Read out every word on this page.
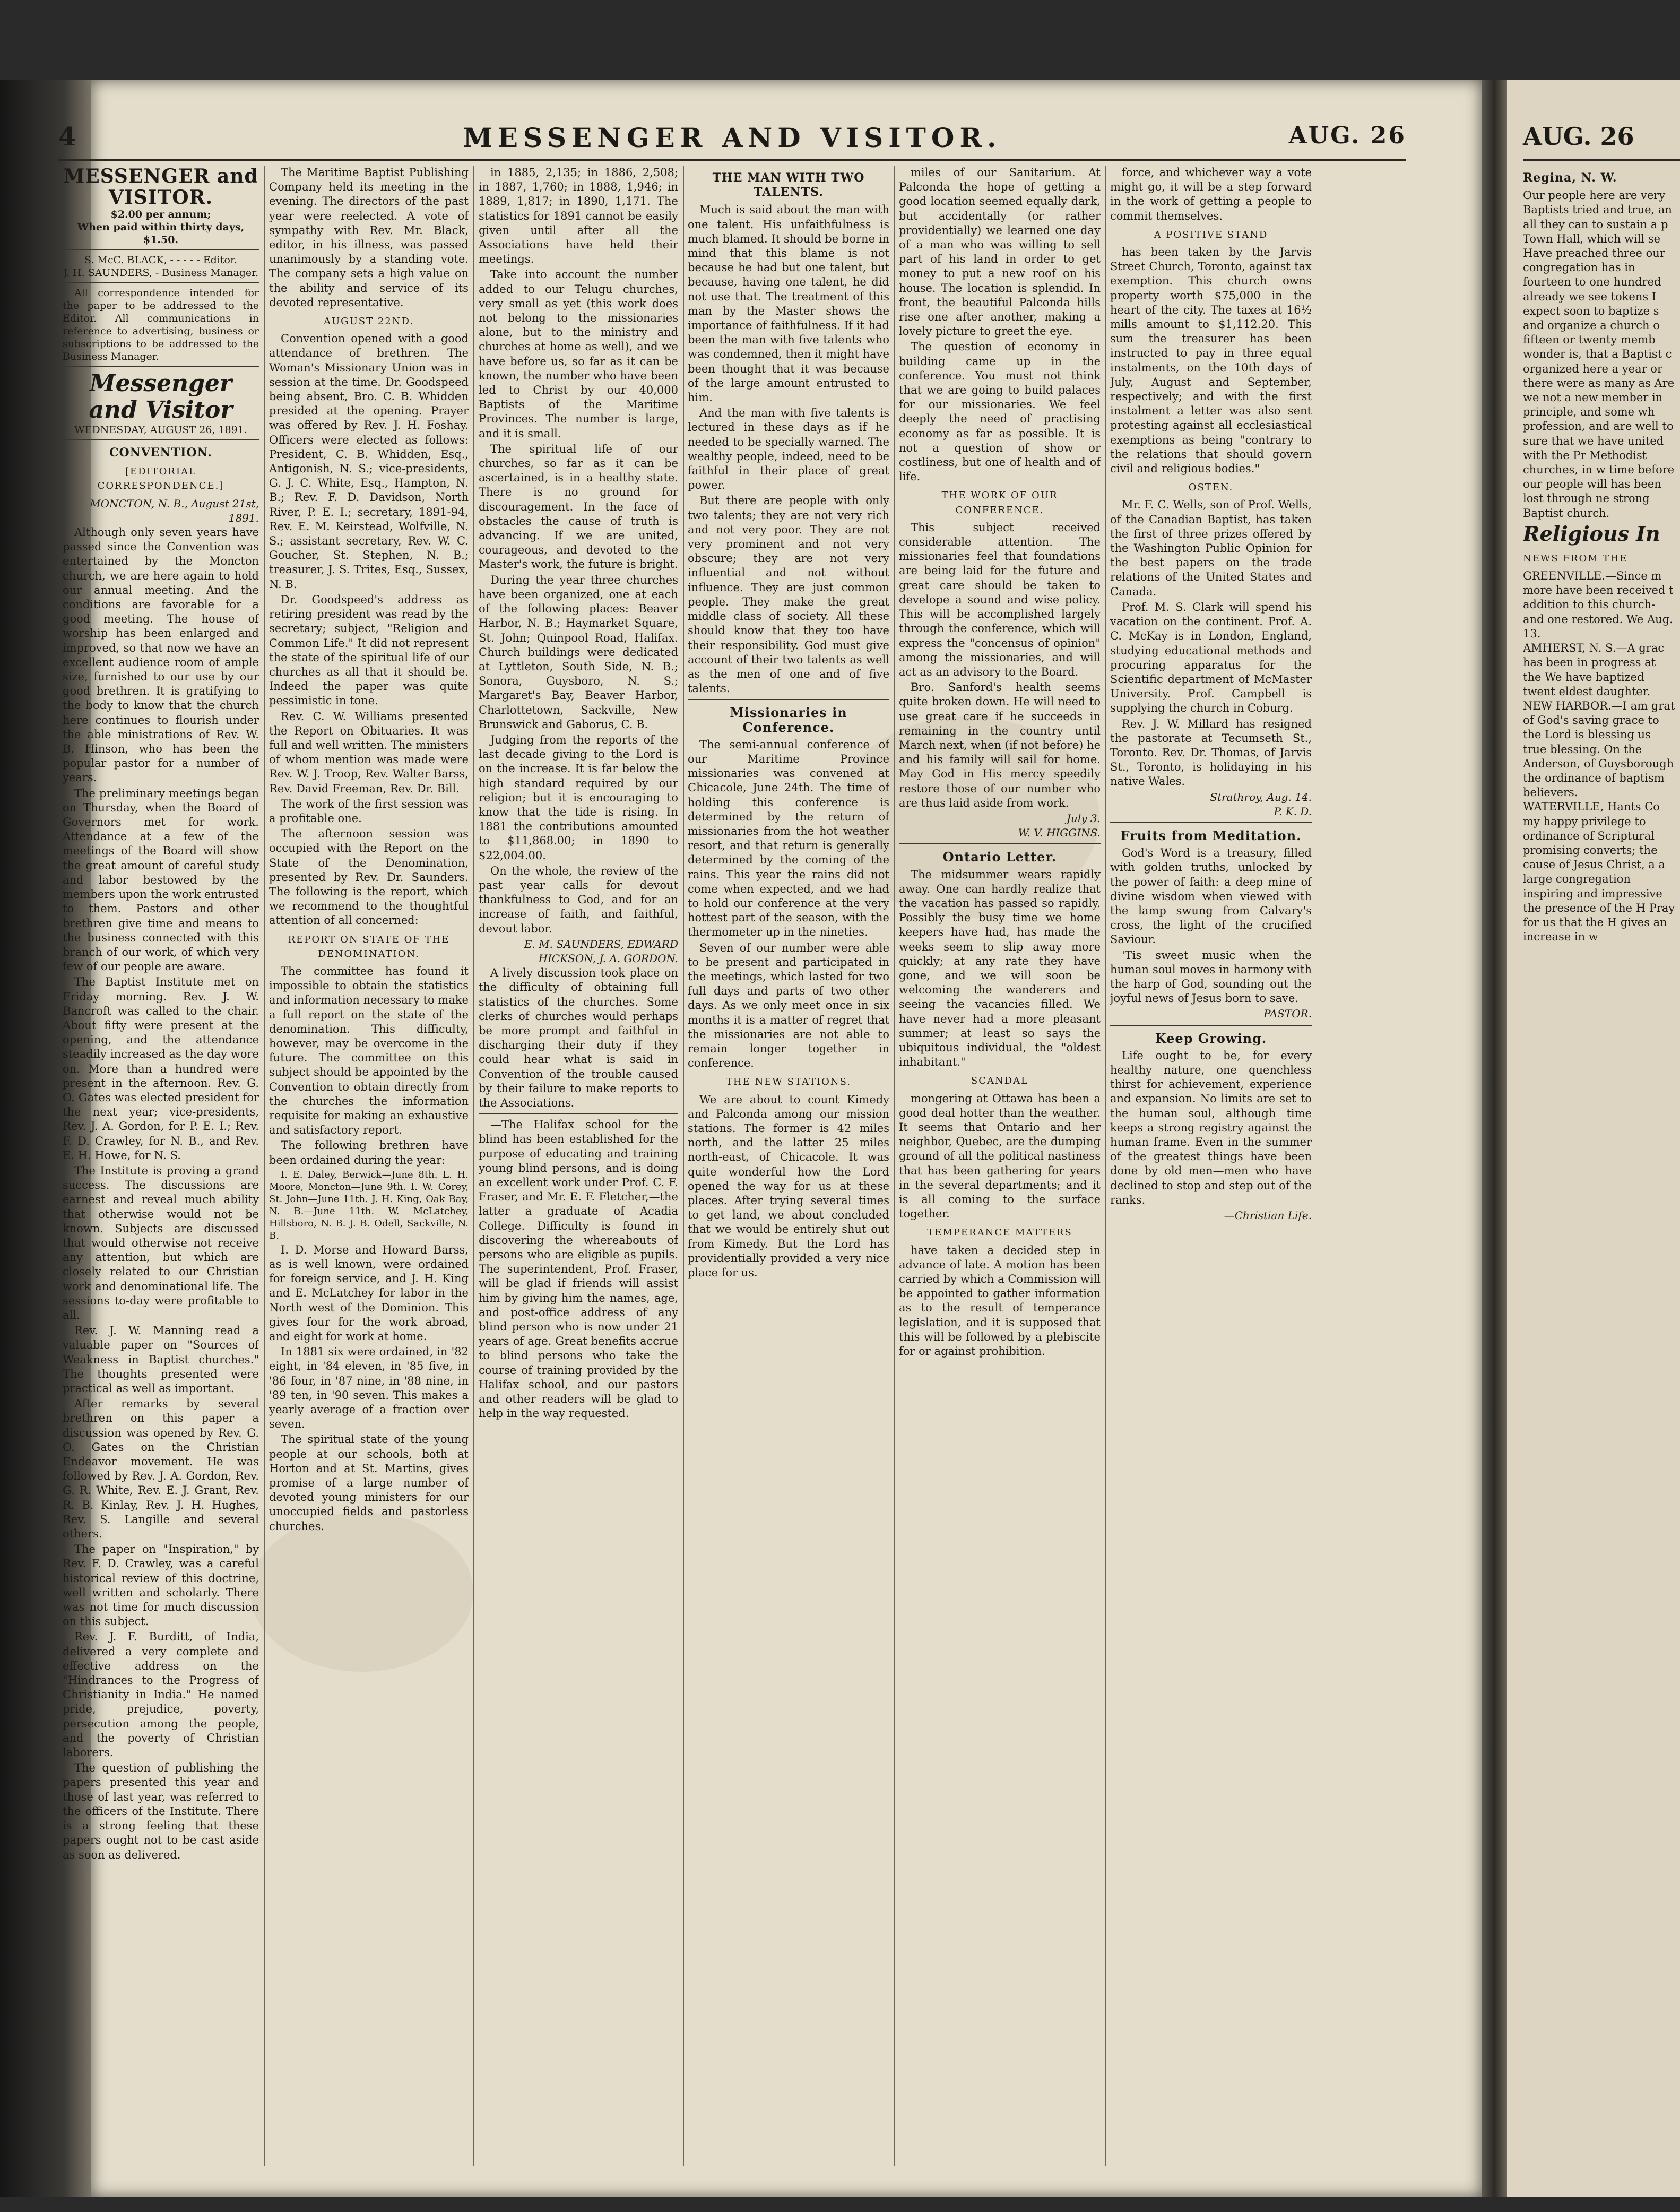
MESSENGER AND VISITOR.
4	AUG. 26
MESSENGER and VISITOR.
$2.00 per annum;
When paid within thirty days, $1.50.
S. McC. BLACK, - - - - - Editor.
J. H. SAUNDERS, - Business Manager.

All correspondence intended for the paper to be addressed to the Editor. All communications in reference to advertising, business or subscriptions to be addressed to the Business Manager.

Messenger and Visitor
WEDNESDAY, AUGUST 26, 1891.
CONVENTION.
[EDITORIAL CORRESPONDENCE.]
MONCTON, N. B., August 21st, 1891.

Although only seven years have passed since the Convention was entertained by the Moncton church, we are here again to hold our annual meeting. And the conditions are favorable for a good meeting. The house of worship has been enlarged and improved, so that now we have an excellent audience room of ample size, furnished to our use by our good brethren. It is gratifying to the body to know that the church here continues to flourish under the able ministrations of Rev. W. B. Hinson, who has been the popular pastor for a number of years.

The preliminary meetings began on Thursday, when the Board of Governors met for work. Attendance at a few of the meetings of the Board will show the great amount of careful study and labor bestowed by the members upon the work entrusted to them. Pastors and other brethren give time and means to the business connected with this branch of our work, of which very few of our people are aware.

The Baptist Institute met on Friday morning. Rev. J. W. Bancroft was called to the chair. About fifty were present at the opening, and the attendance steadily increased as the day wore on. More than a hundred were present in the afternoon. Rev. G. O. Gates was elected president for the next year; vice-presidents, Rev. J. A. Gordon, for P. E. I.; Rev. F. D. Crawley, for N. B., and Rev. E. H. Howe, for N. S.

The Institute is proving a grand success. The discussions are earnest and reveal much ability that otherwise would not be known. Subjects are discussed that would otherwise not receive any attention, but which are closely related to our Christian work and denominational life. The sessions to-day were profitable to all.

Rev. J. W. Manning read a valuable paper on "Sources of Weakness in Baptist churches." The thoughts presented were practical as well as important.

After remarks by several brethren on this paper a discussion was opened by Rev. G. O. Gates on the Christian Endeavor movement. He was followed by Rev. J. A. Gordon, Rev. G. R. White, Rev. E. J. Grant, Rev. R. B. Kinlay, Rev. J. H. Hughes, Rev. S. Langille and several others.

The paper on "Inspiration," by Rev. F. D. Crawley, was a careful historical review of this doctrine, well written and scholarly. There was not time for much discussion on this subject.

Rev. J. F. Burditt, of India, delivered a very complete and effective address on the "Hindrances to the Progress of Christianity in India." He named pride, prejudice, poverty, persecution among the people, and the poverty of Christian laborers.

The question of publishing the papers presented this year and those of last year, was referred to the officers of the Institute. There is a strong feeling that these papers ought not to be cast aside as soon as delivered.

The Maritime Baptist Publishing Company held its meeting in the evening. The directors of the past year were reelected. A vote of sympathy with Rev. Mr. Black, editor, in his illness, was passed unanimously by a standing vote. The company sets a high value on the ability and service of its devoted representative.

AUGUST 22ND.

Convention opened with a good attendance of brethren. The Woman's Missionary Union was in session at the time. Dr. Goodspeed being absent, Bro. C. B. Whidden presided at the opening. Prayer was offered by Rev. J. H. Foshay. Officers were elected as follows: President, C. B. Whidden, Esq., Antigonish, N. S.; vice-presidents, G. J. C. White, Esq., Hampton, N. B.; Rev. F. D. Davidson, North River, P. E. I.; secretary, 1891-94, Rev. E. M. Keirstead, Wolfville, N. S.; assistant secretary, Rev. W. C. Goucher, St. Stephen, N. B.; treasurer, J. S. Trites, Esq., Sussex, N. B.

Dr. Goodspeed's address as retiring president was read by the secretary; subject, "Religion and Common Life." It did not represent the state of the spiritual life of our churches as all that it should be. Indeed the paper was quite pessimistic in tone.

Rev. C. W. Williams presented the Report on Obituaries. It was full and well written. The ministers of whom mention was made were Rev. W. J. Troop, Rev. Walter Barss, Rev. David Freeman, Rev. Dr. Bill.

The work of the first session was a profitable one.

The afternoon session was occupied with the Report on the State of the Denomination, presented by Rev. Dr. Saunders. The following is the report, which we recommend to the thoughtful attention of all concerned:

REPORT ON STATE OF THE DENOMINATION.

The committee has found it impossible to obtain the statistics and information necessary to make a full report on the state of the denomination. This difficulty, however, may be overcome in the future. The committee on this subject should be appointed by the Convention to obtain directly from the churches the information requisite for making an exhaustive and satisfactory report.

The following brethren have been ordained during the year:

I. E. Daley, Berwick—June 8th. L. H. Moore, Moncton—June 9th. I. W. Corey, St. John—June 11th. J. H. King, Oak Bay, N. B.—June 11th. W. McLatchey, Hillsboro, N. B. J. B. Odell, Sackville, N. B.

I. D. Morse and Howard Barss, as is well known, were ordained for foreign service, and J. H. King and E. McLatchey for labor in the North west of the Dominion. This gives four for the work abroad, and eight for work at home.

In 1881 six were ordained, in '82 eight, in '84 eleven, in '85 five, in '86 four, in '87 nine, in '88 nine, in '89 ten, in '90 seven. This makes a yearly average of a fraction over seven.

The spiritual state of the young people at our schools, both at Horton and at St. Martins, gives promise of a large number of devoted young ministers for our unoccupied fields and pastorless churches.

in 1885, 2,135; in 1886, 2,508; in 1887, 1,760; in 1888, 1,946; in 1889, 1,817; in 1890, 1,171. The statistics for 1891 cannot be easily given until after all the Associations have held their meetings.

Take into account the number added to our Telugu churches, very small as yet (this work does not belong to the missionaries alone, but to the ministry and churches at home as well), and we have before us, so far as it can be known, the number who have been led to Christ by our 40,000 Baptists of the Maritime Provinces. The number is large, and it is small.

The spiritual life of our churches, so far as it can be ascertained, is in a healthy state. There is no ground for discouragement. In the face of obstacles the cause of truth is advancing. If we are united, courageous, and devoted to the Master's work, the future is bright.

During the year three churches have been organized, one at each of the following places: Beaver Harbor, N. B.; Haymarket Square, St. John; Quinpool Road, Halifax. Church buildings were dedicated at Lyttleton, South Side, N. B.; Sonora, Guysboro, N. S.; Margaret's Bay, Beaver Harbor, Charlottetown, Sackville, New Brunswick and Gaborus, C. B.

Judging from the reports of the last decade giving to the Lord is on the increase. It is far below the high standard required by our religion; but it is encouraging to know that the tide is rising. In 1881 the contributions amounted to $11,868.00; in 1890 to $22,004.00.

On the whole, the review of the past year calls for devout thankfulness to God, and for an increase of faith, and faithful, devout labor.

E. M. SAUNDERS, EDWARD HICKSON, J. A. GORDON.

A lively discussion took place on the difficulty of obtaining full statistics of the churches. Some clerks of churches would perhaps be more prompt and faithful in discharging their duty if they could hear what is said in Convention of the trouble caused by their failure to make reports to the Associations.

—The Halifax school for the blind has been established for the purpose of educating and training young blind persons, and is doing an excellent work under Prof. C. F. Fraser, and Mr. E. F. Fletcher,—the latter a graduate of Acadia College. Difficulty is found in discovering the whereabouts of persons who are eligible as pupils. The superintendent, Prof. Fraser, will be glad if friends will assist him by giving him the names, age, and post-office address of any blind person who is now under 21 years of age. Great benefits accrue to blind persons who take the course of training provided by the Halifax school, and our pastors and other readers will be glad to help in the way requested.

THE MAN WITH TWO TALENTS.

Much is said about the man with one talent. His unfaithfulness is much blamed. It should be borne in mind that this blame is not because he had but one talent, but because, having one talent, he did not use that. The treatment of this man by the Master shows the importance of faithfulness. If it had been the man with five talents who was condemned, then it might have been thought that it was because of the large amount entrusted to him.

And the man with five talents is lectured in these days as if he needed to be specially warned. The wealthy people, indeed, need to be faithful in their place of great power.

But there are people with only two talents; they are not very rich and not very poor. They are not very prominent and not very obscure; they are not very influential and not without influence. They are just common people. They make the great middle class of society. All these should know that they too have their responsibility. God must give account of their two talents as well as the men of one and of five talents.

Missionaries in Conference.

The semi-annual conference of our Maritime Province missionaries was convened at Chicacole, June 24th. The time of holding this conference is determined by the return of missionaries from the hot weather resort, and that return is generally determined by the coming of the rains. This year the rains did not come when expected, and we had to hold our conference at the very hottest part of the season, with the thermometer up in the nineties.

Seven of our number were able to be present and participated in the meetings, which lasted for two full days and parts of two other days. As we only meet once in six months it is a matter of regret that the missionaries are not able to remain longer together in conference.

THE NEW STATIONS.

We are about to count Kimedy and Palconda among our mission stations. The former is 42 miles north, and the latter 25 miles north-east, of Chicacole. It was quite wonderful how the Lord opened the way for us at these places. After trying several times to get land, we about concluded that we would be entirely shut out from Kimedy. But the Lord has providentially provided a very nice place for us.

miles of our Sanitarium. At Palconda the hope of getting a good location seemed equally dark, but accidentally (or rather providentially) we learned one day of a man who was willing to sell part of his land in order to get money to put a new roof on his house. The location is splendid. In front, the beautiful Palconda hills rise one after another, making a lovely picture to greet the eye.

The question of economy in building came up in the conference. You must not think that we are going to build palaces for our missionaries. We feel deeply the need of practising economy as far as possible. It is not a question of show or costliness, but one of health and of life.

THE WORK OF OUR CONFERENCE.

This subject received considerable attention. The missionaries feel that foundations are being laid for the future and great care should be taken to develope a sound and wise policy. This will be accomplished largely through the conference, which will express the "concensus of opinion" among the missionaries, and will act as an advisory to the Board.

Bro. Sanford's health seems quite broken down. He will need to use great care if he succeeds in remaining in the country until March next, when (if not before) he and his family will sail for home. May God in His mercy speedily restore those of our number who are thus laid aside from work.

July 3.
W. V. HIGGINS.
Ontario Letter.

The midsummer wears rapidly away. One can hardly realize that the vacation has passed so rapidly. Possibly the busy time we home keepers have had, has made the weeks seem to slip away more quickly; at any rate they have gone, and we will soon be welcoming the wanderers and seeing the vacancies filled. We have never had a more pleasant summer; at least so says the ubiquitous individual, the "oldest inhabitant."

SCANDAL

mongering at Ottawa has been a good deal hotter than the weather. It seems that Ontario and her neighbor, Quebec, are the dumping ground of all the political nastiness that has been gathering for years in the several departments; and it is all coming to the surface together.

TEMPERANCE MATTERS

have taken a decided step in advance of late. A motion has been carried by which a Commission will be appointed to gather information as to the result of temperance legislation, and it is supposed that this will be followed by a plebiscite for or against prohibition.

force, and whichever way a vote might go, it will be a step forward in the work of getting a people to commit themselves.

A POSITIVE STAND

has been taken by the Jarvis Street Church, Toronto, against tax exemption. This church owns property worth $75,000 in the heart of the city. The taxes at 16½ mills amount to $1,112.20. This sum the treasurer has been instructed to pay in three equal instalments, on the 10th days of July, August and September, respectively; and with the first instalment a letter was also sent protesting against all ecclesiastical exemptions as being "contrary to the relations that should govern civil and religious bodies."

OSTEN.

Mr. F. C. Wells, son of Prof. Wells, of the Canadian Baptist, has taken the first of three prizes offered by the Washington Public Opinion for the best papers on the trade relations of the United States and Canada.

Prof. M. S. Clark will spend his vacation on the continent. Prof. A. C. McKay is in London, England, studying educational methods and procuring apparatus for the Scientific department of McMaster University. Prof. Campbell is supplying the church in Coburg.

Rev. J. W. Millard has resigned the pastorate at Tecumseth St., Toronto. Rev. Dr. Thomas, of Jarvis St., Toronto, is holidaying in his native Wales.

Strathroy, Aug. 14.
P. K. D.
Fruits from Meditation.

God's Word is a treasury, filled with golden truths, unlocked by the power of faith: a deep mine of divine wisdom when viewed with the lamp swung from Calvary's cross, the light of the crucified Saviour.

'Tis sweet music when the human soul moves in harmony with the harp of God, sounding out the joyful news of Jesus born to save.

PASTOR.
Keep Growing.

Life ought to be, for every healthy nature, one quenchless thirst for achievement, experience and expansion. No limits are set to the human soul, although time keeps a strong registry against the human frame. Even in the summer of the greatest things have been done by old men—men who have declined to stop and step out of the ranks.

—Christian Life.
AUG. 26
Regina, N. W.

Our people here are very Baptists tried and true, an all they can to sustain a p Town Hall, which will se

Have preached three our congregation has in fourteen to one hundred already we see tokens I expect soon to baptize s and organize a church o fifteen or twenty memb wonder is, that a Baptist c organized here a year or there were as many as Are we not a new member in principle, and some wh profession, and are well to sure that we have united with the Pr Methodist churches, in w time before our people will has been lost through ne strong Baptist church.

Religious In
NEWS FROM THE

GREENVILLE.—Since m more have been received t addition to this church- and one restored. We Aug. 13.

AMHERST, N. S.—A grac has been in progress at the We have baptized twent eldest daughter.

NEW HARBOR.—I am grat of God's saving grace to the Lord is blessing us true blessing. On the Anderson, of Guysborough the ordinance of baptism believers.

WATERVILLE, Hants Co my happy privilege to ordinance of Scriptural promising converts; the cause of Jesus Christ, a a large congregation inspiring and impressive the presence of the H Pray for us that the H gives an increase in w
